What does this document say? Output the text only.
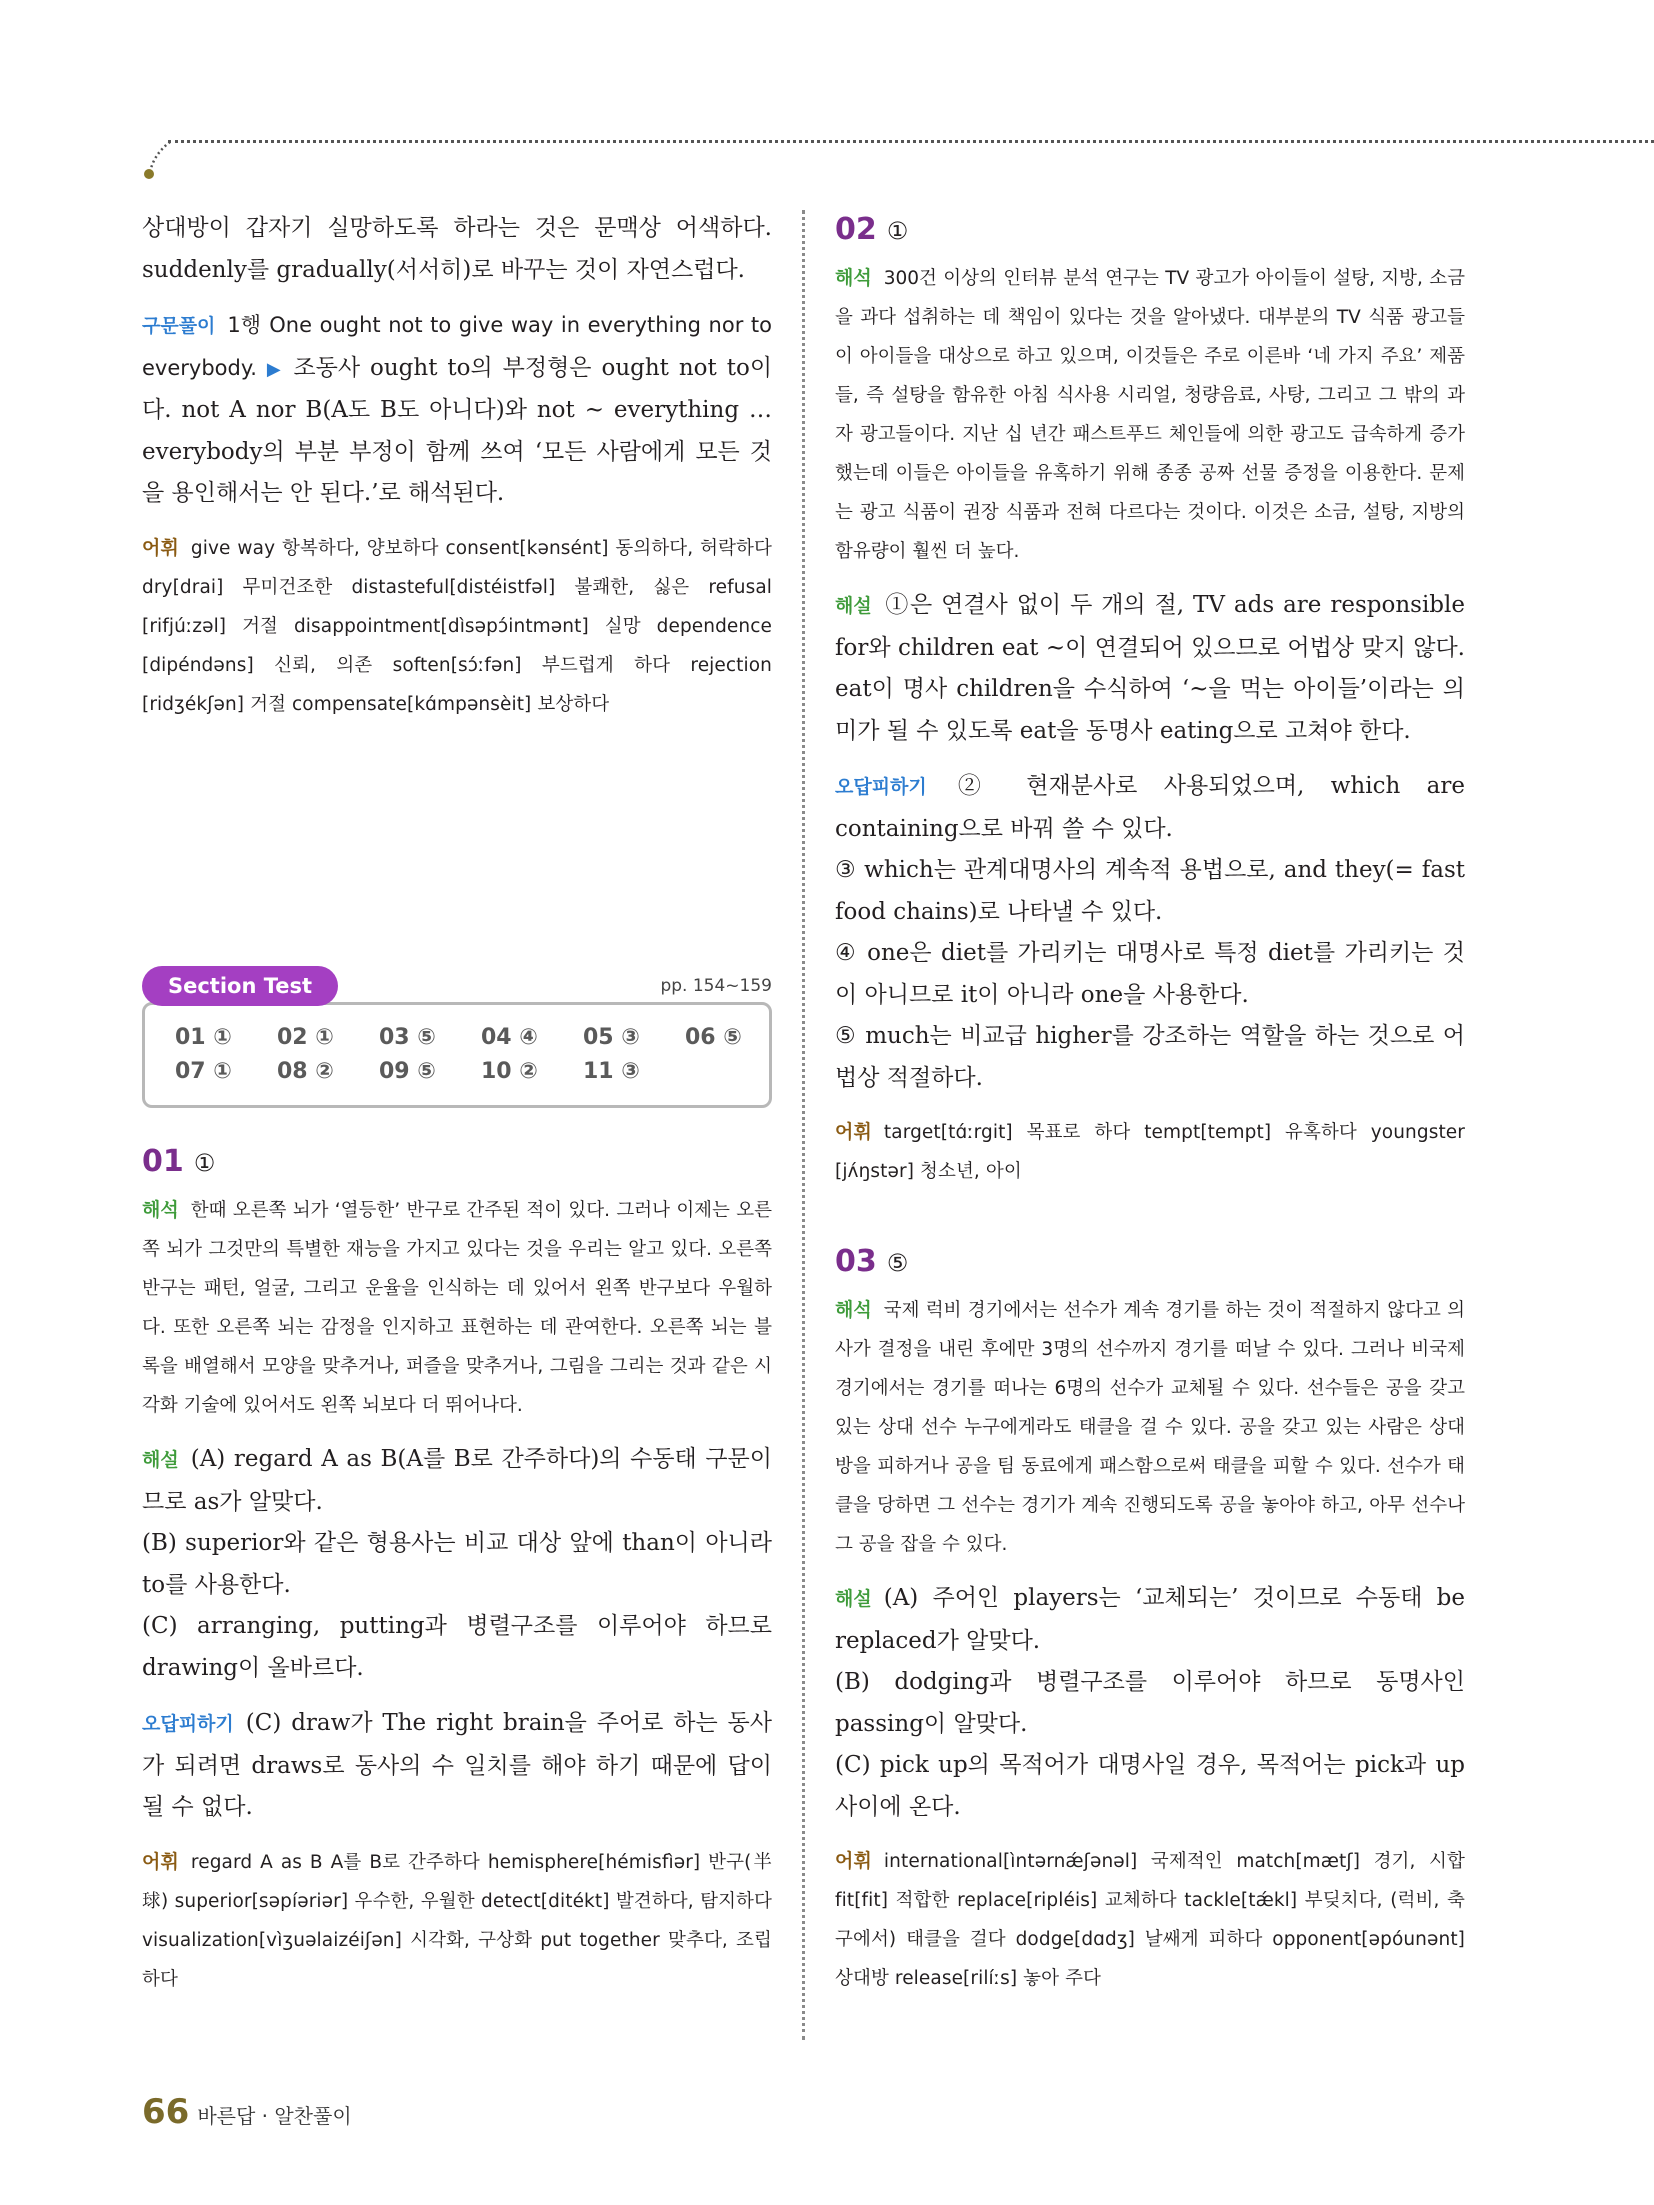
상대방이 갑자기 실망하도록 하라는 것은 문맥상 어색하다. suddenly를 gradually(서서히)로 바꾸는 것이 자연스럽다.

구문풀이 1행 One ought not to give way in everything nor to everybody. ▶ 조동사 ought to의 부정형은 ought not to이다. not A nor B(A도 B도 아니다)와 not ~ everything … everybody의 부분 부정이 함께 쓰여 ‘모든 사람에게 모든 것을 용인해서는 안 된다.’로 해석된다.

어휘 give way 항복하다, 양보하다 consent[kənsént] 동의하다, 허락하다 dry[drai] 무미건조한 distasteful[distéistfəl] 불쾌한, 싫은 refusal [rifjúːzəl] 거절 disappointment[dìsəpɔ́intmənt] 실망 dependence [dipéndəns] 신뢰, 의존 soften[sɔ́ːfən] 부드럽게 하다 rejection [ridʒékʃən] 거절 compensate[kɑ́mpənsèit] 보상하다

01 ①	02 ①	03 ⑤	04 ④	05 ③	06 ⑤
07 ①	08 ②	09 ⑤	10 ②	11 ③
Section Test	pp. 154~159
01 ①

해석 한때 오른쪽 뇌가 ‘열등한’ 반구로 간주된 적이 있다. 그러나 이제는 오른쪽 뇌가 그것만의 특별한 재능을 가지고 있다는 것을 우리는 알고 있다. 오른쪽 반구는 패턴, 얼굴, 그리고 운율을 인식하는 데 있어서 왼쪽 반구보다 우월하다. 또한 오른쪽 뇌는 감정을 인지하고 표현하는 데 관여한다. 오른쪽 뇌는 블록을 배열해서 모양을 맞추거나, 퍼즐을 맞추거나, 그림을 그리는 것과 같은 시각화 기술에 있어서도 왼쪽 뇌보다 더 뛰어나다.

해설 (A) regard A as B(A를 B로 간주하다)의 수동태 구문이므로 as가 알맞다.

(B) superior와 같은 형용사는 비교 대상 앞에 than이 아니라 to를 사용한다.

(C) arranging, putting과 병렬구조를 이루어야 하므로 drawing이 올바르다.

오답피하기 (C) draw가 The right brain을 주어로 하는 동사가 되려면 draws로 동사의 수 일치를 해야 하기 때문에 답이 될 수 없다.

어휘 regard A as B A를 B로 간주하다 hemisphere[hémisfìər] 반구(半球) superior[səpíəriər] 우수한, 우월한 detect[ditékt] 발견하다, 탐지하다 visualization[vìʒuəlaizéiʃən] 시각화, 구상화 put together 맞추다, 조립하다

02 ①

해석 300건 이상의 인터뷰 분석 연구는 TV 광고가 아이들이 설탕, 지방, 소금을 과다 섭취하는 데 책임이 있다는 것을 알아냈다. 대부분의 TV 식품 광고들이 아이들을 대상으로 하고 있으며, 이것들은 주로 이른바 ‘네 가지 주요’ 제품들, 즉 설탕을 함유한 아침 식사용 시리얼, 청량음료, 사탕, 그리고 그 밖의 과자 광고들이다. 지난 십 년간 패스트푸드 체인들에 의한 광고도 급속하게 증가했는데 이들은 아이들을 유혹하기 위해 종종 공짜 선물 증정을 이용한다. 문제는 광고 식품이 권장 식품과 전혀 다르다는 것이다. 이것은 소금, 설탕, 지방의 함유량이 훨씬 더 높다.

해설 ①은 연결사 없이 두 개의 절, TV ads are responsible for와 children eat ~이 연결되어 있으므로 어법상 맞지 않다. eat이 명사 children을 수식하여 ‘~을 먹는 아이들’이라는 의미가 될 수 있도록 eat을 동명사 eating으로 고쳐야 한다.

오답피하기 ② 현재분사로 사용되었으며, which are containing으로 바꿔 쓸 수 있다.

③ which는 관계대명사의 계속적 용법으로, and they(= fast food chains)로 나타낼 수 있다.

④ one은 diet를 가리키는 대명사로 특정 diet를 가리키는 것이 아니므로 it이 아니라 one을 사용한다.

⑤ much는 비교급 higher를 강조하는 역할을 하는 것으로 어법상 적절하다.

어휘 target[tɑ́ːrgit] 목표로 하다 tempt[tempt] 유혹하다 youngster [jʌ́ŋstər] 청소년, 아이

03 ⑤

해석 국제 럭비 경기에서는 선수가 계속 경기를 하는 것이 적절하지 않다고 의사가 결정을 내린 후에만 3명의 선수까지 경기를 떠날 수 있다. 그러나 비국제 경기에서는 경기를 떠나는 6명의 선수가 교체될 수 있다. 선수들은 공을 갖고 있는 상대 선수 누구에게라도 태클을 걸 수 있다. 공을 갖고 있는 사람은 상대방을 피하거나 공을 팀 동료에게 패스함으로써 태클을 피할 수 있다. 선수가 태클을 당하면 그 선수는 경기가 계속 진행되도록 공을 놓아야 하고, 아무 선수나 그 공을 잡을 수 있다.

해설 (A) 주어인 players는 ‘교체되는’ 것이므로 수동태 be replaced가 알맞다.

(B) dodging과 병렬구조를 이루어야 하므로 동명사인 passing이 알맞다.

(C) pick up의 목적어가 대명사일 경우, 목적어는 pick과 up 사이에 온다.

어휘 international[ìntərnǽʃənəl] 국제적인 match[mætʃ] 경기, 시합 fit[fit] 적합한 replace[ripléis] 교체하다 tackle[tǽkl] 부딪치다, (럭비, 축구에서) 태클을 걸다 dodge[dɑdʒ] 날쌔게 피하다 opponent[əpóunənt] 상대방 release[rilíːs] 놓아 주다

66 바른답 · 알찬풀이
